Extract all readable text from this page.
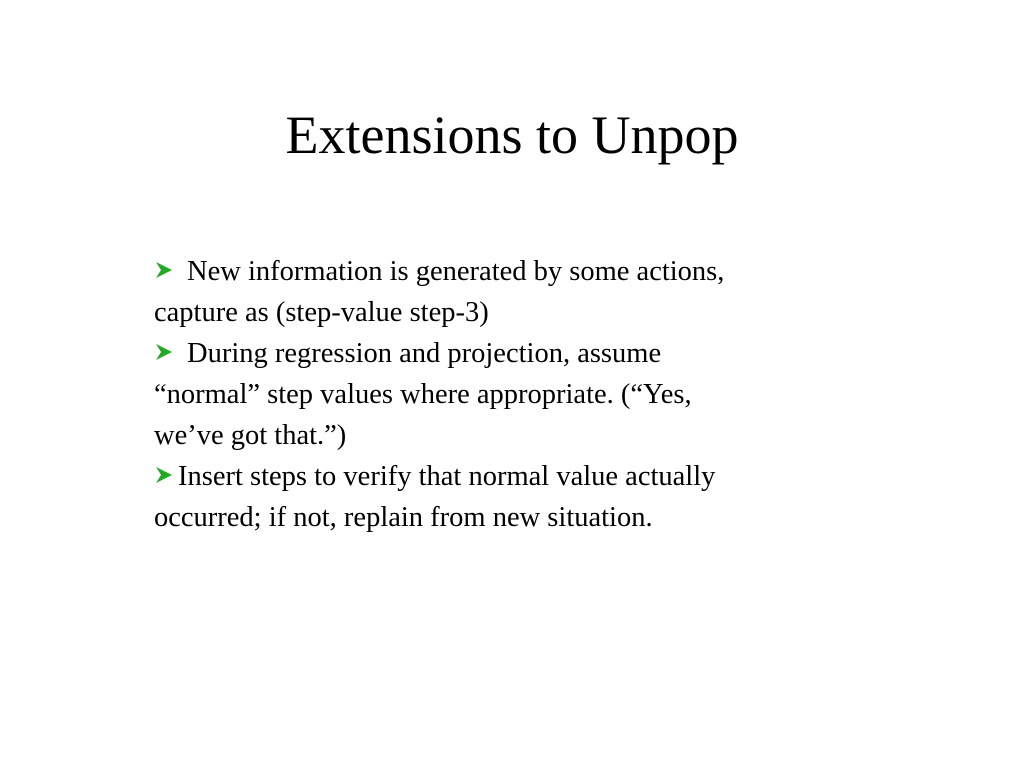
Extensions to Unpop
New information is generated by some actions,
capture as (step-value step-3)
During regression and projection, assume
“normal” step values where appropriate. (“Yes,
we’ve got that.”)
Insert steps to verify that normal value actually
occurred; if not, replain from new situation.
